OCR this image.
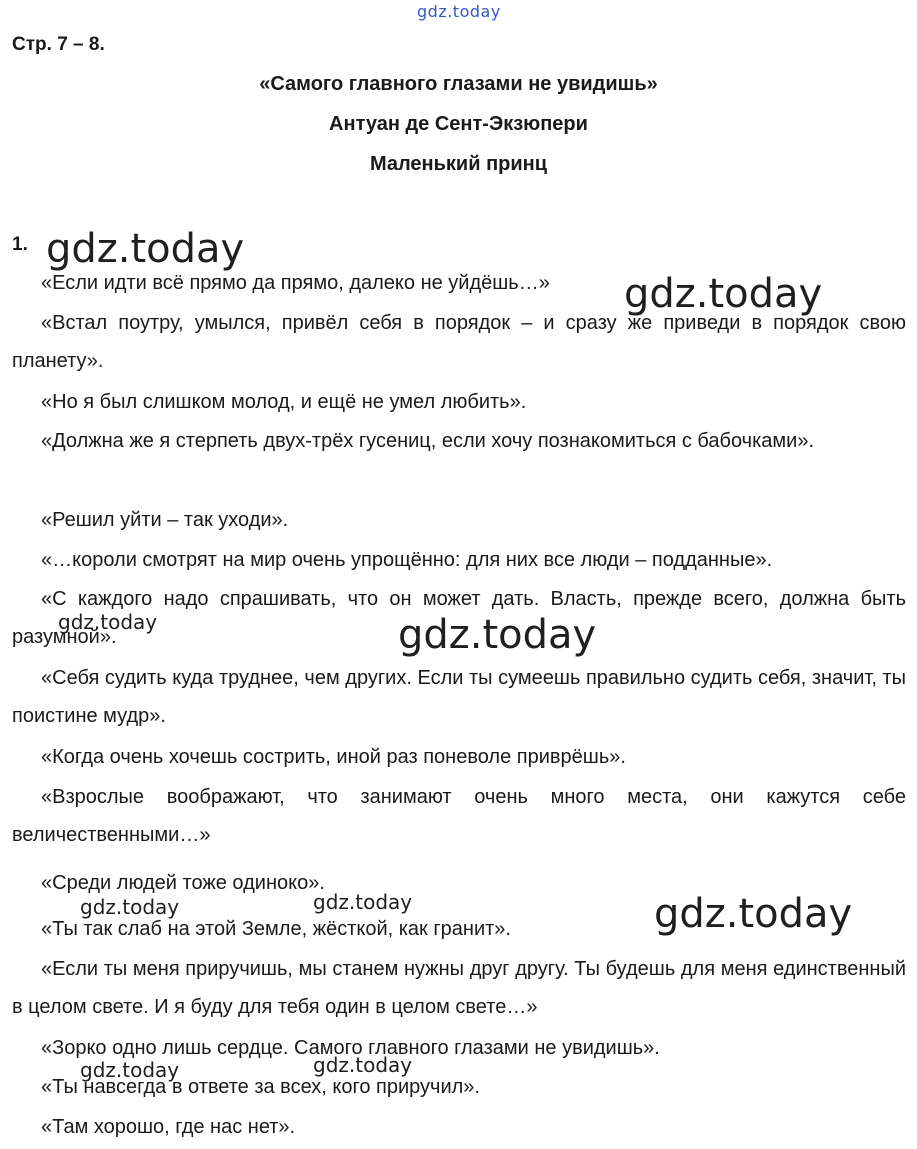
gdz.today

Стр. 7 – 8.

«Самого главного глазами не увидишь»

Антуан де Сент-Экзюпери

Маленький принц

1.

«Если идти всё прямо да прямо, далеко не уйдёшь…»

«Встал поутру, умылся, привёл себя в порядок – и сразу же приведи в порядок свою планету».

«Но я был слишком молод, и ещё не умел любить».

«Должна же я стерпеть двух-трёх гусениц, если хочу познакомиться с бабочками».

«Решил уйти – так уходи».

«…короли смотрят на мир очень упрощённо: для них все люди – подданные».

«С каждого надо спрашивать, что он может дать. Власть, прежде всего, должна быть разумной».

«Себя судить куда труднее, чем других. Если ты сумеешь правильно судить себя, значит, ты поистине мудр».

«Когда очень хочешь сострить, иной раз поневоле приврёшь».

«Взрослые воображают, что занимают очень много места, они кажутся себе величественными…»

«Среди людей тоже одиноко».

«Ты так слаб на этой Земле, жёсткой, как гранит».

«Если ты меня приручишь, мы станем нужны друг другу. Ты будешь для меня единственный в целом свете. И я буду для тебя один в целом свете…»

«Зорко одно лишь сердце. Самого главного глазами не увидишь».

«Ты навсегда в ответе за всех, кого приручил».

«Там хорошо, где нас нет».

gdz.today
gdz.today
gdz.today	gdz.today
gdz.today	gdz.today	gdz.today
gdz.today	gdz.today
